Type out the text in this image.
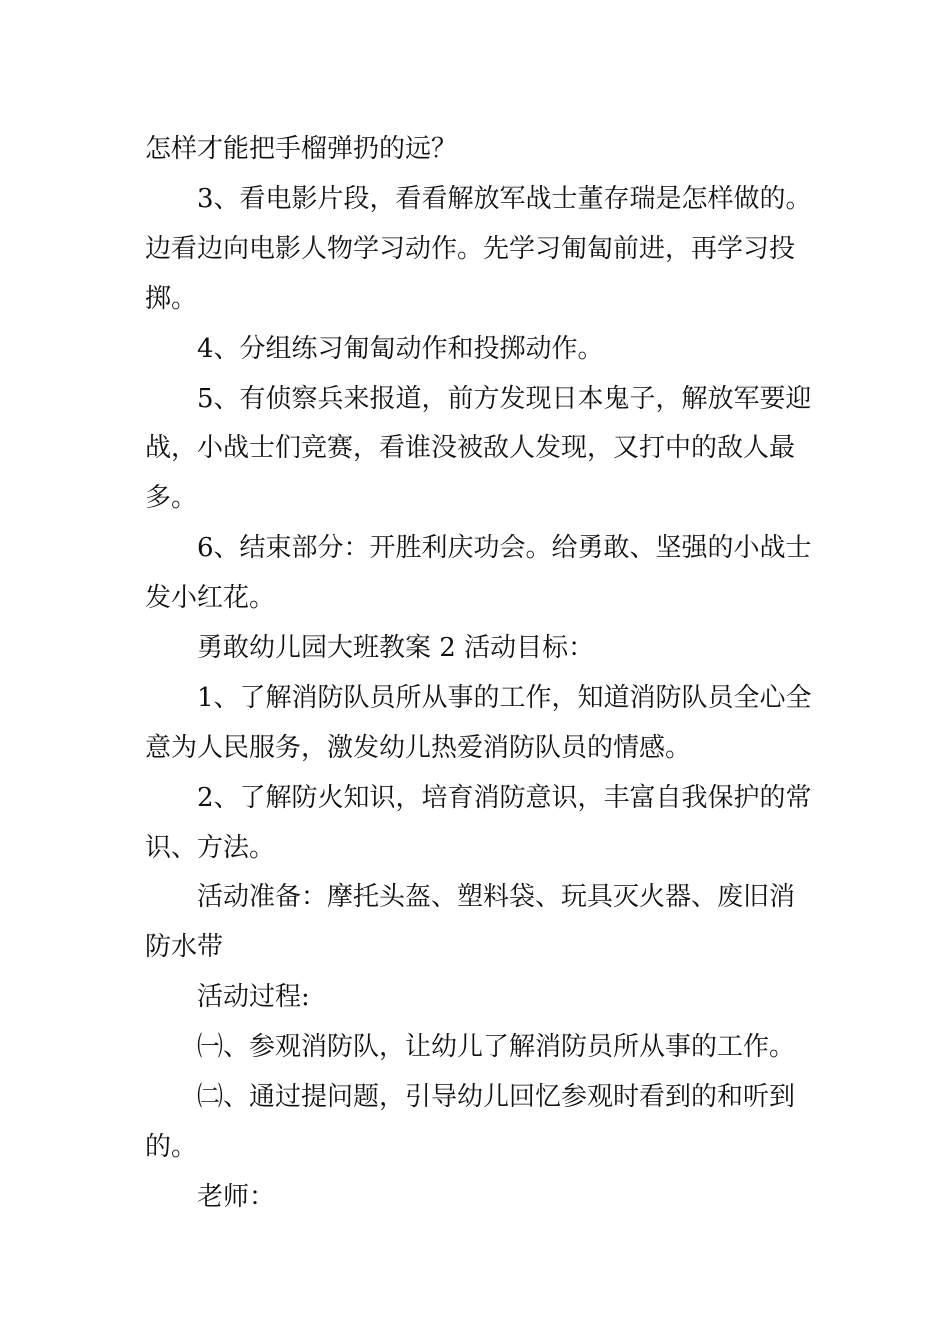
怎样才能把手榴弹扔的远？

3、看电影片段，看看解放军战士董存瑞是怎样做的。

边看边向电影人物学习动作。先学习匍匐前进，再学习投

掷。

4、分组练习匍匐动作和投掷动作。

5、有侦察兵来报道，前方发现日本鬼子，解放军要迎

战，小战士们竞赛，看谁没被敌人发现，又打中的敌人最

多。

6、结束部分：开胜利庆功会。给勇敢、坚强的小战士

发小红花。

勇敢幼儿园大班教案 2 活动目标：

1、了解消防队员所从事的工作，知道消防队员全心全

意为人民服务，激发幼儿热爱消防队员的情感。

2、了解防火知识，培育消防意识，丰富自我保护的常

识、方法。

活动准备：摩托头盔、塑料袋、玩具灭火器、废旧消

防水带

活动过程:

㈠、参观消防队，让幼儿了解消防员所从事的工作。

㈡、通过提问题，引导幼儿回忆参观时看到的和听到

的。

老师：
